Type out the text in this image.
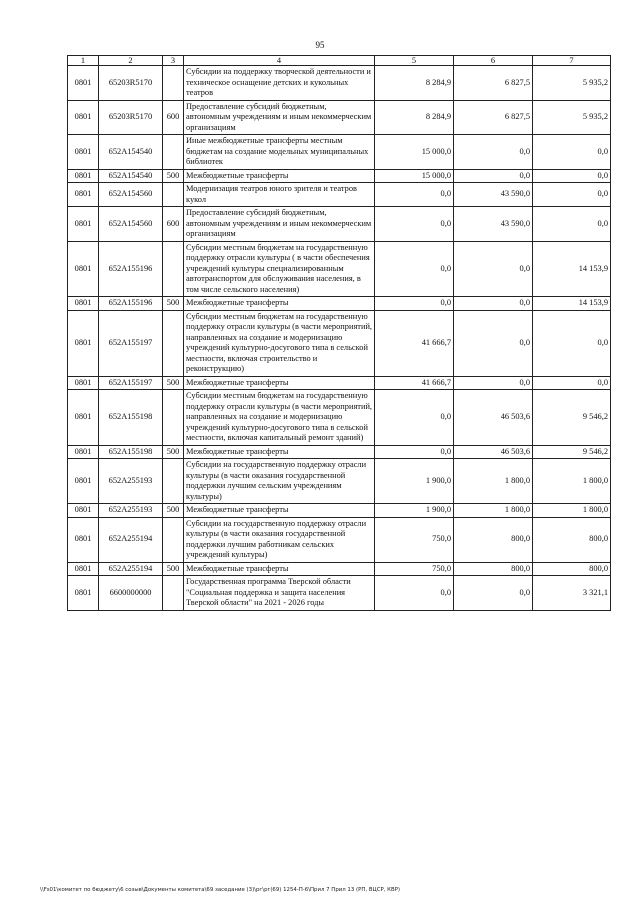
95
1	2	3	4	5	6	7
0801	65203R5170		Субсидии на поддержку творческой деятельности и техническое оснащение детских и кукольных театров	8 284,9	6 827,5	5 935,2
0801	65203R5170	600	Предоставление субсидий бюджетным, автономным учреждениям и иным некоммерческим организациям	8 284,9	6 827,5	5 935,2
0801	652A154540		Иные межбюджетные трансферты местным бюджетам на создание модельных муниципальных библиотек	15 000,0	0,0	0,0
0801	652A154540	500	Межбюджетные трансферты	15 000,0	0,0	0,0
0801	652A154560		Модернизация театров юного зрителя и театров кукол	0,0	43 590,0	0,0
0801	652A154560	600	Предоставление субсидий бюджетным, автономным учреждениям и иным некоммерческим организациям	0,0	43 590,0	0,0
0801	652A155196		Субсидии местным бюджетам на государственную поддержку отрасли культуры ( в части обеспечения учреждений культуры специализированным автотранспортом для обслуживания населения, в том числе сельского населения)	0,0	0,0	14 153,9
0801	652A155196	500	Межбюджетные трансферты	0,0	0,0	14 153,9
0801	652A155197		Субсидии местным бюджетам на государственную поддержку отрасли культуры (в части мероприятий, направленных на создание и модернизацию учреждений культурно-досугового типа в сельской местности, включая строительство и реконструкцию)	41 666,7	0,0	0,0
0801	652A155197	500	Межбюджетные трансферты	41 666,7	0,0	0,0
0801	652A155198		Субсидии местным бюджетам на государственную поддержку отрасли культуры (в части мероприятий, направленных на создание и модернизацию учреждений культурно-досугового типа в сельской местности, включая капитальный ремонт зданий)	0,0	46 503,6	9 546,2
0801	652A155198	500	Межбюджетные трансферты	0,0	46 503,6	9 546,2
0801	652A255193		Субсидии на государственную поддержку отрасли культуры (в части оказания государственной поддержки лучшим сельским учреждениям культуры)	1 900,0	1 800,0	1 800,0
0801	652A255193	500	Межбюджетные трансферты	1 900,0	1 800,0	1 800,0
0801	652A255194		Субсидии на государственную поддержку отрасли культуры (в части оказания государственной поддержки лучшим работникам сельских учреждений культуры)	750,0	800,0	800,0
0801	652A255194	500	Межбюджетные трансферты	750,0	800,0	800,0
0801	6600000000		Государственная программа Тверской области "Социальная поддержка и защита населения Тверской области" на 2021 - 2026 годы	0,0	0,0	3 321,1
\\Fs01\комитет по бюджету\6 созыв\Документы комитета\69 заседание (3)\рг\рг(69) 1254-П-6\Прил 7 Прил 13 (РП, ВЦСР, КВР)
